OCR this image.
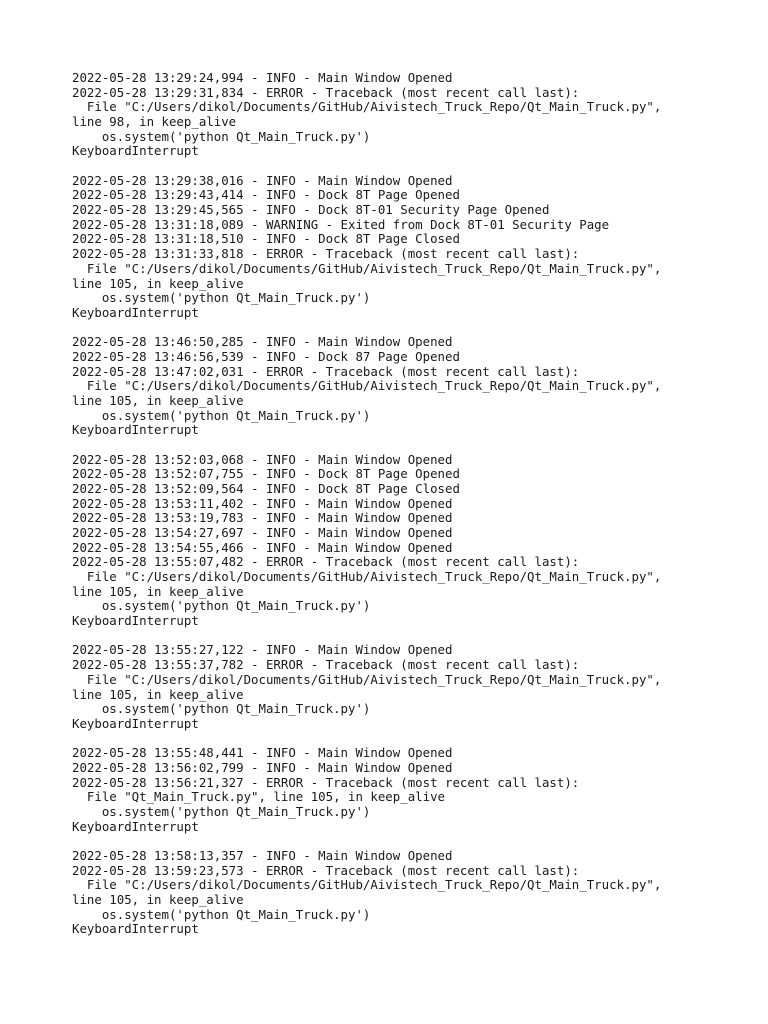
2022-05-28 13:29:24,994 - INFO - Main Window Opened
2022-05-28 13:29:31,834 - ERROR - Traceback (most recent call last):
File "C:/Users/dikol/Documents/GitHub/Aivistech_Truck_Repo/Qt_Main_Truck.py",
line 98, in keep_alive
os.system('python Qt_Main_Truck.py')
KeyboardInterrupt
2022-05-28 13:29:38,016 - INFO - Main Window Opened
2022-05-28 13:29:43,414 - INFO - Dock 8T Page Opened
2022-05-28 13:29:45,565 - INFO - Dock 8T-01 Security Page Opened
2022-05-28 13:31:18,089 - WARNING - Exited from Dock 8T-01 Security Page
2022-05-28 13:31:18,510 - INFO - Dock 8T Page Closed
2022-05-28 13:31:33,818 - ERROR - Traceback (most recent call last):
File "C:/Users/dikol/Documents/GitHub/Aivistech_Truck_Repo/Qt_Main_Truck.py",
line 105, in keep_alive
os.system('python Qt_Main_Truck.py')
KeyboardInterrupt
2022-05-28 13:46:50,285 - INFO - Main Window Opened
2022-05-28 13:46:56,539 - INFO - Dock 87 Page Opened
2022-05-28 13:47:02,031 - ERROR - Traceback (most recent call last):
File "C:/Users/dikol/Documents/GitHub/Aivistech_Truck_Repo/Qt_Main_Truck.py",
line 105, in keep_alive
os.system('python Qt_Main_Truck.py')
KeyboardInterrupt
2022-05-28 13:52:03,068 - INFO - Main Window Opened
2022-05-28 13:52:07,755 - INFO - Dock 8T Page Opened
2022-05-28 13:52:09,564 - INFO - Dock 8T Page Closed
2022-05-28 13:53:11,402 - INFO - Main Window Opened
2022-05-28 13:53:19,783 - INFO - Main Window Opened
2022-05-28 13:54:27,697 - INFO - Main Window Opened
2022-05-28 13:54:55,466 - INFO - Main Window Opened
2022-05-28 13:55:07,482 - ERROR - Traceback (most recent call last):
File "C:/Users/dikol/Documents/GitHub/Aivistech_Truck_Repo/Qt_Main_Truck.py",
line 105, in keep_alive
os.system('python Qt_Main_Truck.py')
KeyboardInterrupt
2022-05-28 13:55:27,122 - INFO - Main Window Opened
2022-05-28 13:55:37,782 - ERROR - Traceback (most recent call last):
File "C:/Users/dikol/Documents/GitHub/Aivistech_Truck_Repo/Qt_Main_Truck.py",
line 105, in keep_alive
os.system('python Qt_Main_Truck.py')
KeyboardInterrupt
2022-05-28 13:55:48,441 - INFO - Main Window Opened
2022-05-28 13:56:02,799 - INFO - Main Window Opened
2022-05-28 13:56:21,327 - ERROR - Traceback (most recent call last):
File "Qt_Main_Truck.py", line 105, in keep_alive
os.system('python Qt_Main_Truck.py')
KeyboardInterrupt
2022-05-28 13:58:13,357 - INFO - Main Window Opened
2022-05-28 13:59:23,573 - ERROR - Traceback (most recent call last):
File "C:/Users/dikol/Documents/GitHub/Aivistech_Truck_Repo/Qt_Main_Truck.py",
line 105, in keep_alive
os.system('python Qt_Main_Truck.py')
KeyboardInterrupt
